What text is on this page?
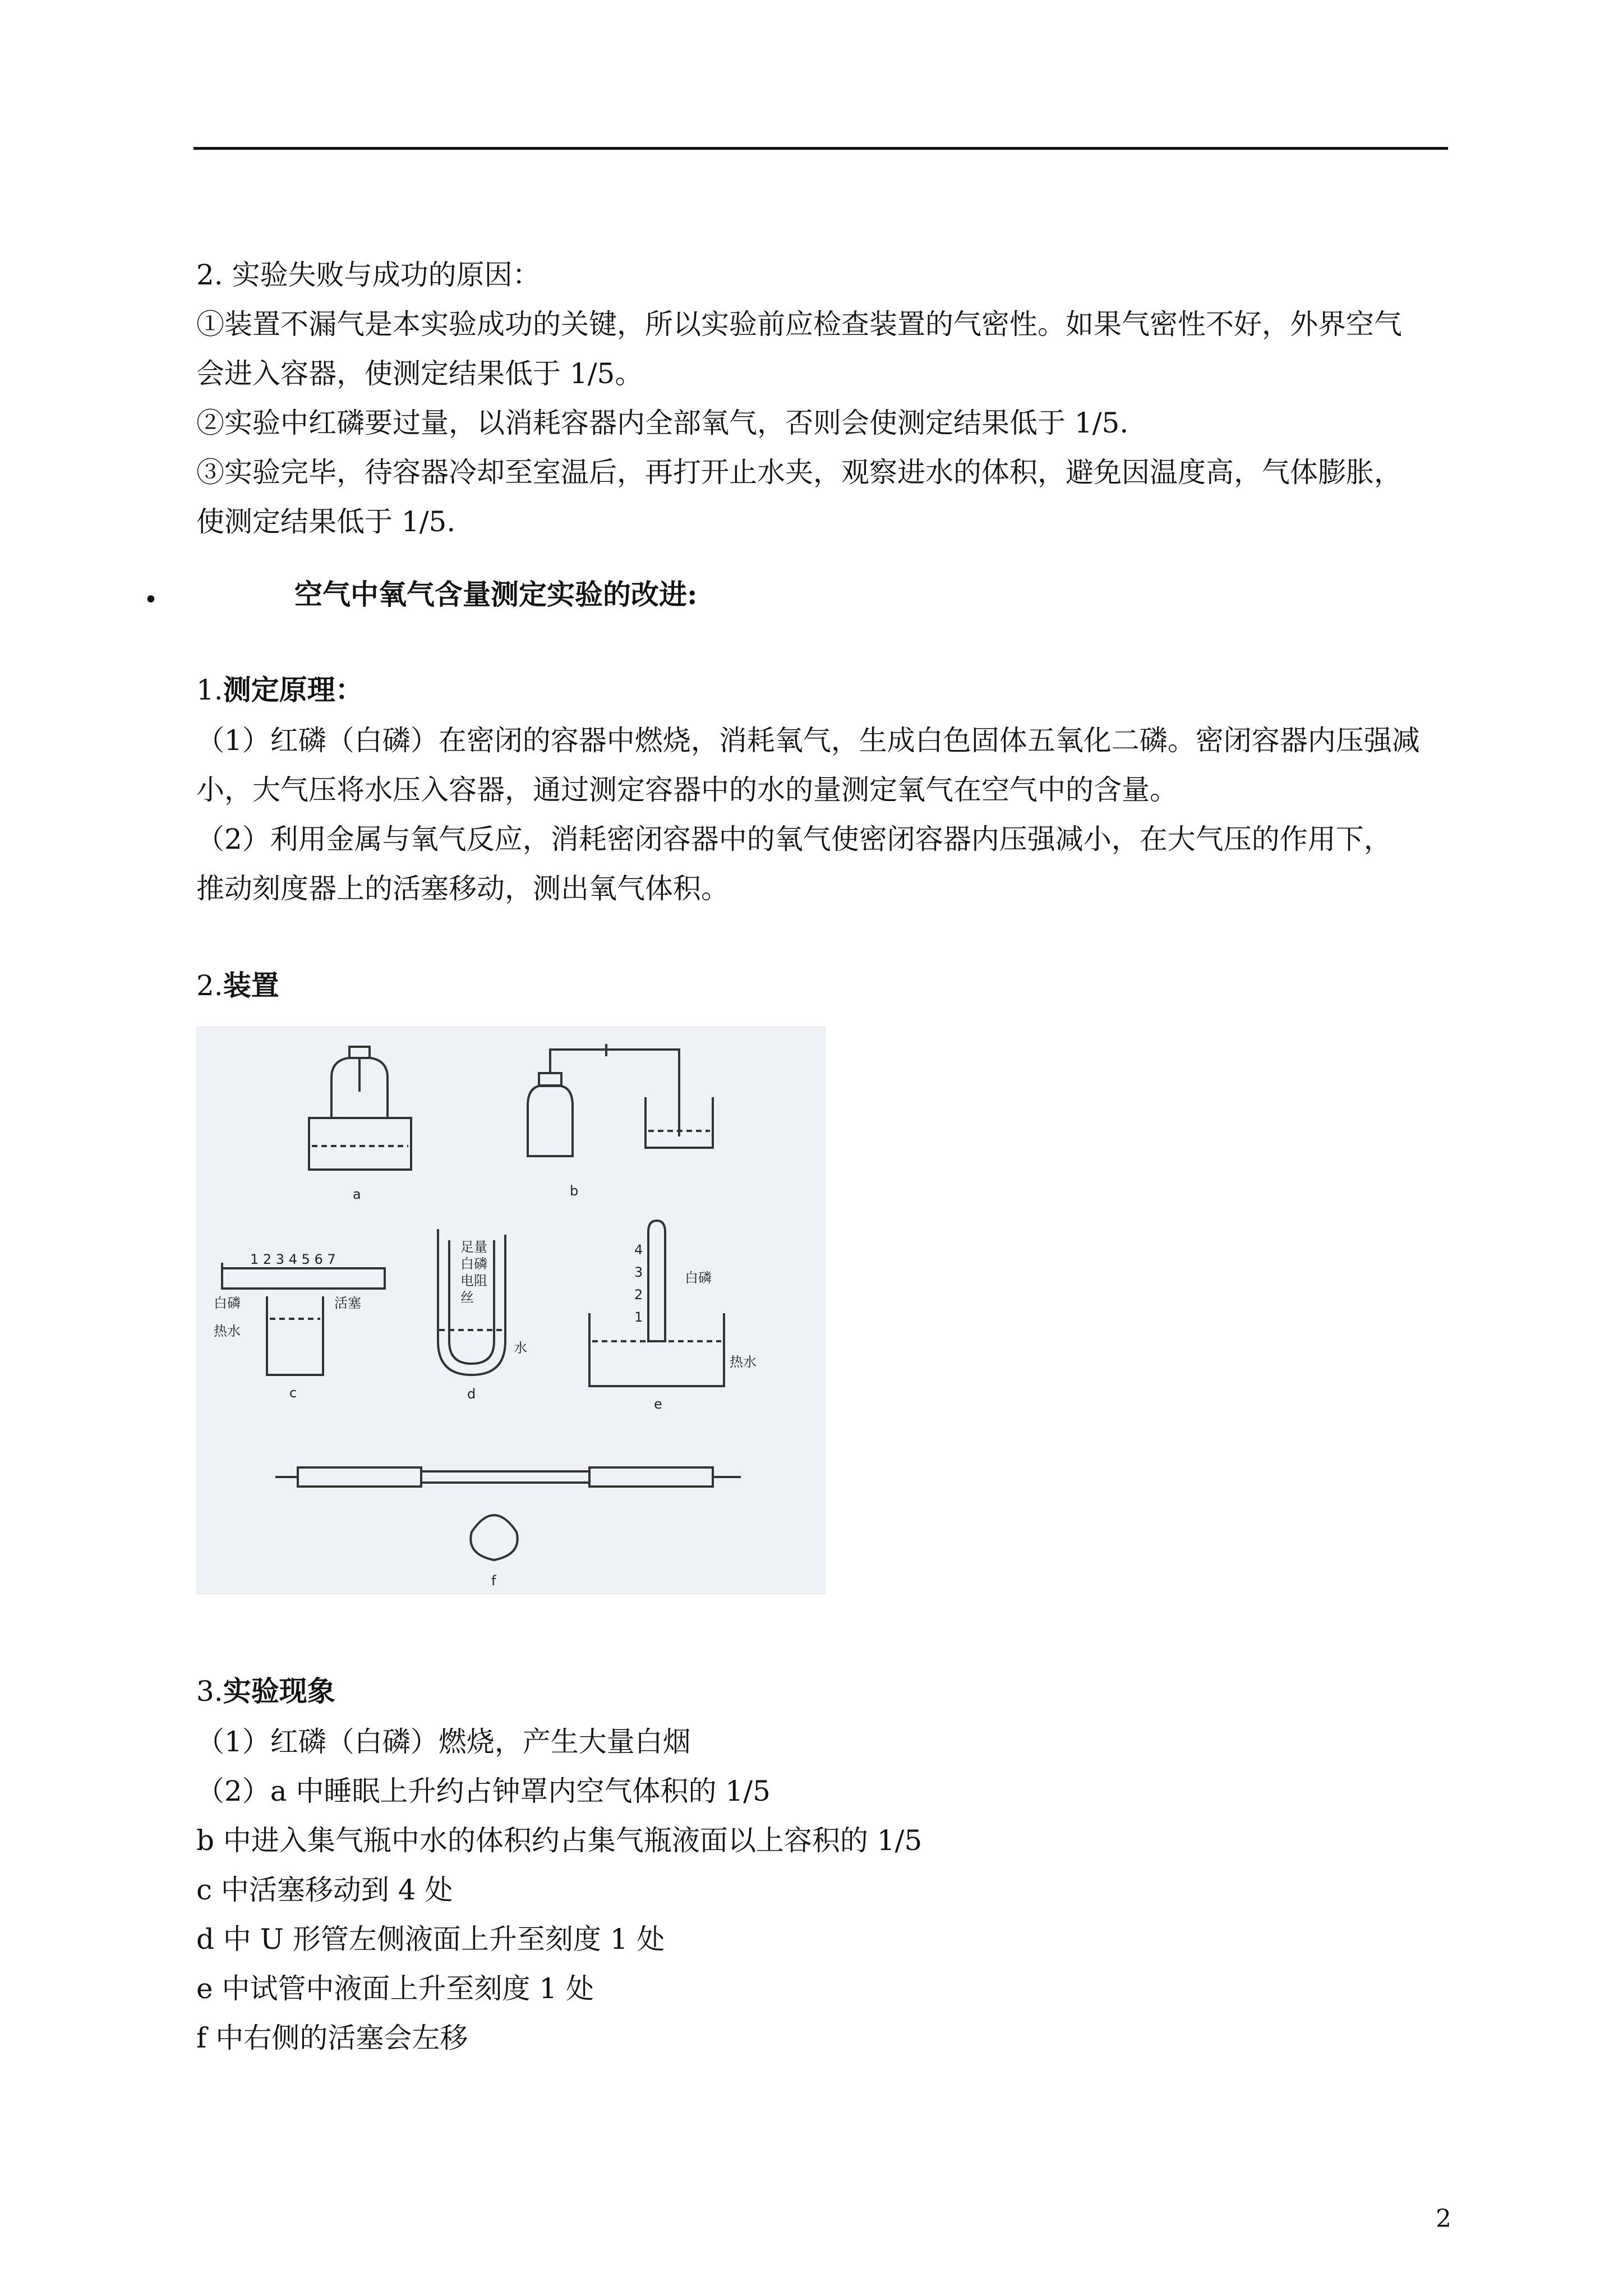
2. 实验失败与成功的原因：
①装置不漏气是本实验成功的关键，所以实验前应检查装置的气密性。如果气密性不好，外界空气
会进入容器，使测定结果低于 1/5。
②实验中红磷要过量，以消耗容器内全部氧气，否则会使测定结果低于 1/5.
③实验完毕，待容器冷却至室温后，再打开止水夹，观察进水的体积，避免因温度高，气体膨胀，
使测定结果低于 1/5.
•	空气中氧气含量测定实验的改进:
1.测定原理：
（1）红磷（白磷）在密闭的容器中燃烧，消耗氧气，生成白色固体五氧化二磷。密闭容器内压强减
小，大气压将水压入容器，通过测定容器中的水的量测定氧气在空气中的含量。
（2）利用金属与氧气反应，消耗密闭容器中的氧气使密闭容器内压强减小，在大气压的作用下，
推动刻度器上的活塞移动，测出氧气体积。
2.装置
a	b
c	d
e
f
1 2 3 4 5 6 7
白磷	活塞
热水
足量
白磷
电阻
丝
水
白磷
热水
4
3
2
1
3.实验现象
（1）红磷（白磷）燃烧，产生大量白烟
（2）a 中睡眠上升约占钟罩内空气体积的 1/5
b 中进入集气瓶中水的体积约占集气瓶液面以上容积的 1/5
c 中活塞移动到 4 处
d 中 U 形管左侧液面上升至刻度 1 处
e 中试管中液面上升至刻度 1 处
f 中右侧的活塞会左移
2
